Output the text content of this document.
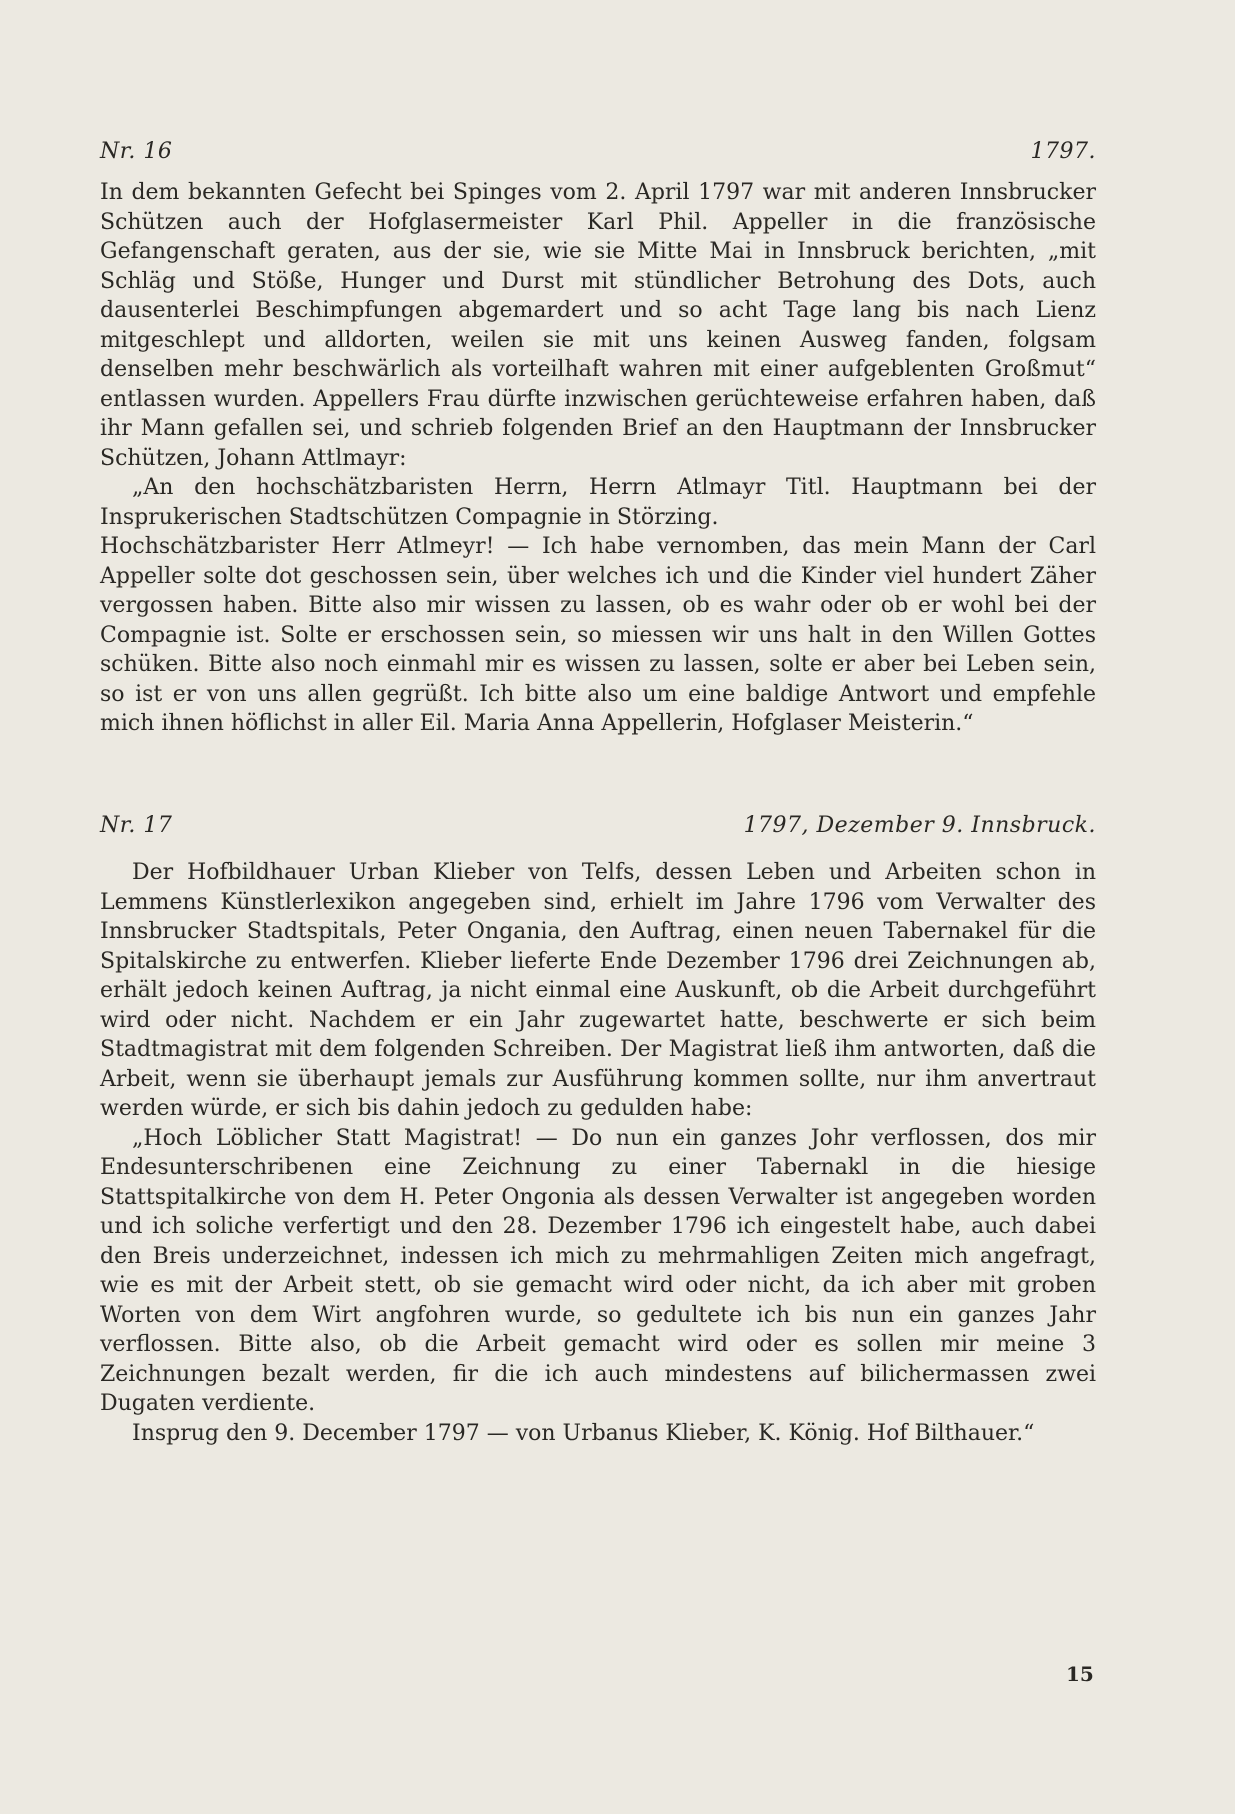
Nr. 16	1797.

In dem bekannten Gefecht bei Spinges vom 2. April 1797 war mit anderen Innsbrucker Schützen auch der Hofglasermeister Karl Phil. Appeller in die französische Gefangenschaft geraten, aus der sie, wie sie Mitte Mai in Innsbruck berichten, „mit Schläg und Stöße, Hunger und Durst mit stündlicher Betrohung des Dots, auch dausenterlei Beschimpfungen abgemardert und so acht Tage lang bis nach Lienz mitgeschlept und alldorten, weilen sie mit uns keinen Ausweg fanden, folgsam denselben mehr beschwärlich als vorteilhaft wahren mit einer aufgeblenten Großmut“ entlassen wurden. Appellers Frau dürfte inzwischen gerüchteweise erfahren haben, daß ihr Mann gefallen sei, und schrieb folgenden Brief an den Hauptmann der Innsbrucker Schützen, Johann Attlmayr:

„An den hochschätzbaristen Herrn, Herrn Atlmayr Titl. Hauptmann bei der Insprukerischen Stadtschützen Compagnie in Störzing.

Hochschätzbarister Herr Atlmeyr! — Ich habe vernomben, das mein Mann der Carl Appeller solte dot geschossen sein, über welches ich und die Kinder viel hundert Zäher vergossen haben. Bitte also mir wissen zu lassen, ob es wahr oder ob er wohl bei der Compagnie ist. Solte er erschossen sein, so miessen wir uns halt in den Willen Gottes schüken. Bitte also noch einmahl mir es wissen zu lassen, solte er aber bei Leben sein, so ist er von uns allen gegrüßt. Ich bitte also um eine baldige Antwort und empfehle mich ihnen höflichst in aller Eil. Maria Anna Appellerin, Hofglaser Meisterin.“

Nr. 17	1797, Dezember 9. Innsbruck.

Der Hofbildhauer Urban Klieber von Telfs, dessen Leben und Arbeiten schon in Lemmens Künstlerlexikon angegeben sind, erhielt im Jahre 1796 vom Verwalter des Innsbrucker Stadtspitals, Peter Ongania, den Auftrag, einen neuen Tabernakel für die Spitalskirche zu entwerfen. Klieber lieferte Ende Dezember 1796 drei Zeichnungen ab, erhält jedoch keinen Auftrag, ja nicht einmal eine Auskunft, ob die Arbeit durchgeführt wird oder nicht. Nachdem er ein Jahr zugewartet hatte, beschwerte er sich beim Stadtmagistrat mit dem folgenden Schreiben. Der Magistrat ließ ihm antworten, daß die Arbeit, wenn sie überhaupt jemals zur Ausführung kommen sollte, nur ihm anvertraut werden würde, er sich bis dahin jedoch zu gedulden habe:

„Hoch Löblicher Statt Magistrat! — Do nun ein ganzes Johr verflossen, dos mir Endesunterschribenen eine Zeichnung zu einer Tabernakl in die hiesige Stattspitalkirche von dem H. Peter Ongonia als dessen Verwalter ist angegeben worden und ich soliche verfertigt und den 28. Dezember 1796 ich eingestelt habe, auch dabei den Breis underzeichnet, indessen ich mich zu mehrmahligen Zeiten mich angefragt, wie es mit der Arbeit stett, ob sie gemacht wird oder nicht, da ich aber mit groben Worten von dem Wirt angfohren wurde, so gedultete ich bis nun ein ganzes Jahr verflossen. Bitte also, ob die Arbeit gemacht wird oder es sollen mir meine 3 Zeichnungen bezalt werden, fir die ich auch mindestens auf bilichermassen zwei Dugaten verdiente.

Insprug den 9. December 1797 — von Urbanus Klieber, K. König. Hof Bilthauer.“

15
